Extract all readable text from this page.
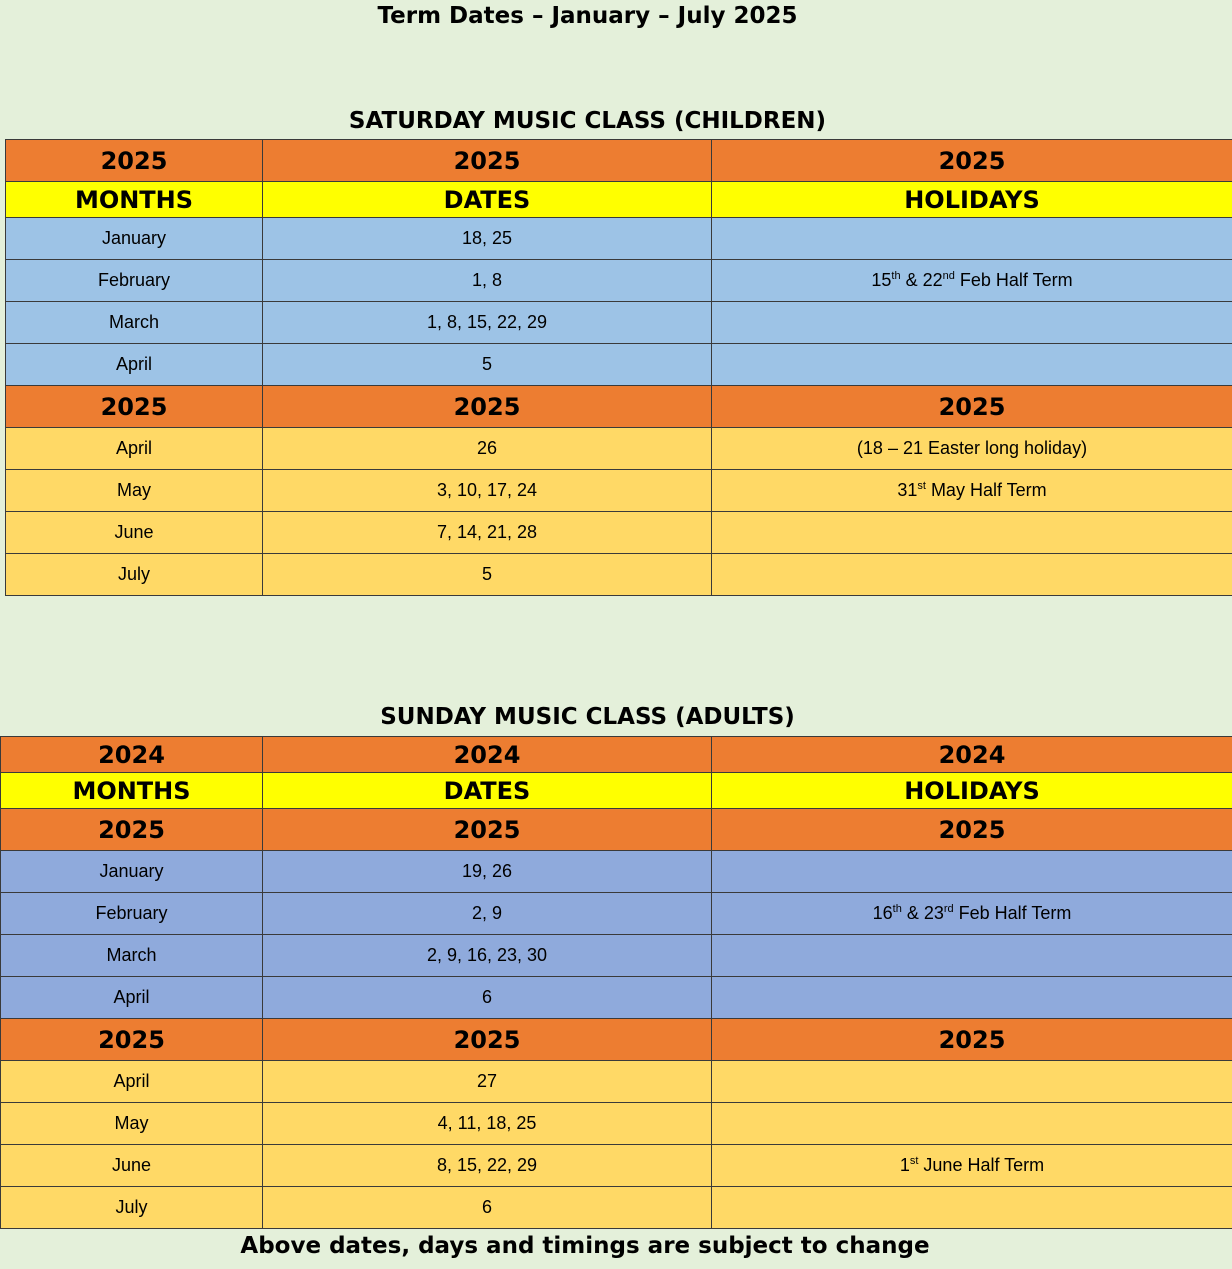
Term Dates – January – July 2025
SATURDAY MUSIC CLASS (CHILDREN)
2025	2025	2025
MONTHS	DATES	HOLIDAYS
January	18, 25	
February	1, 8	15th & 22nd Feb Half Term
March	1, 8, 15, 22, 29	
April	5	
2025	2025	2025
April	26	(18 – 21 Easter long holiday)
May	3, 10, 17, 24	31st May Half Term
June	7, 14, 21, 28	
July	5	
SUNDAY MUSIC CLASS (ADULTS)
2024	2024	2024
MONTHS	DATES	HOLIDAYS
2025	2025	2025
January	19, 26	
February	2, 9	16th & 23rd Feb Half Term
March	2, 9, 16, 23, 30	
April	6	
2025	2025	2025
April	27	
May	4, 11, 18, 25	
June	8, 15, 22, 29	1st June Half Term
July	6	
Above dates, days and timings are subject to change
